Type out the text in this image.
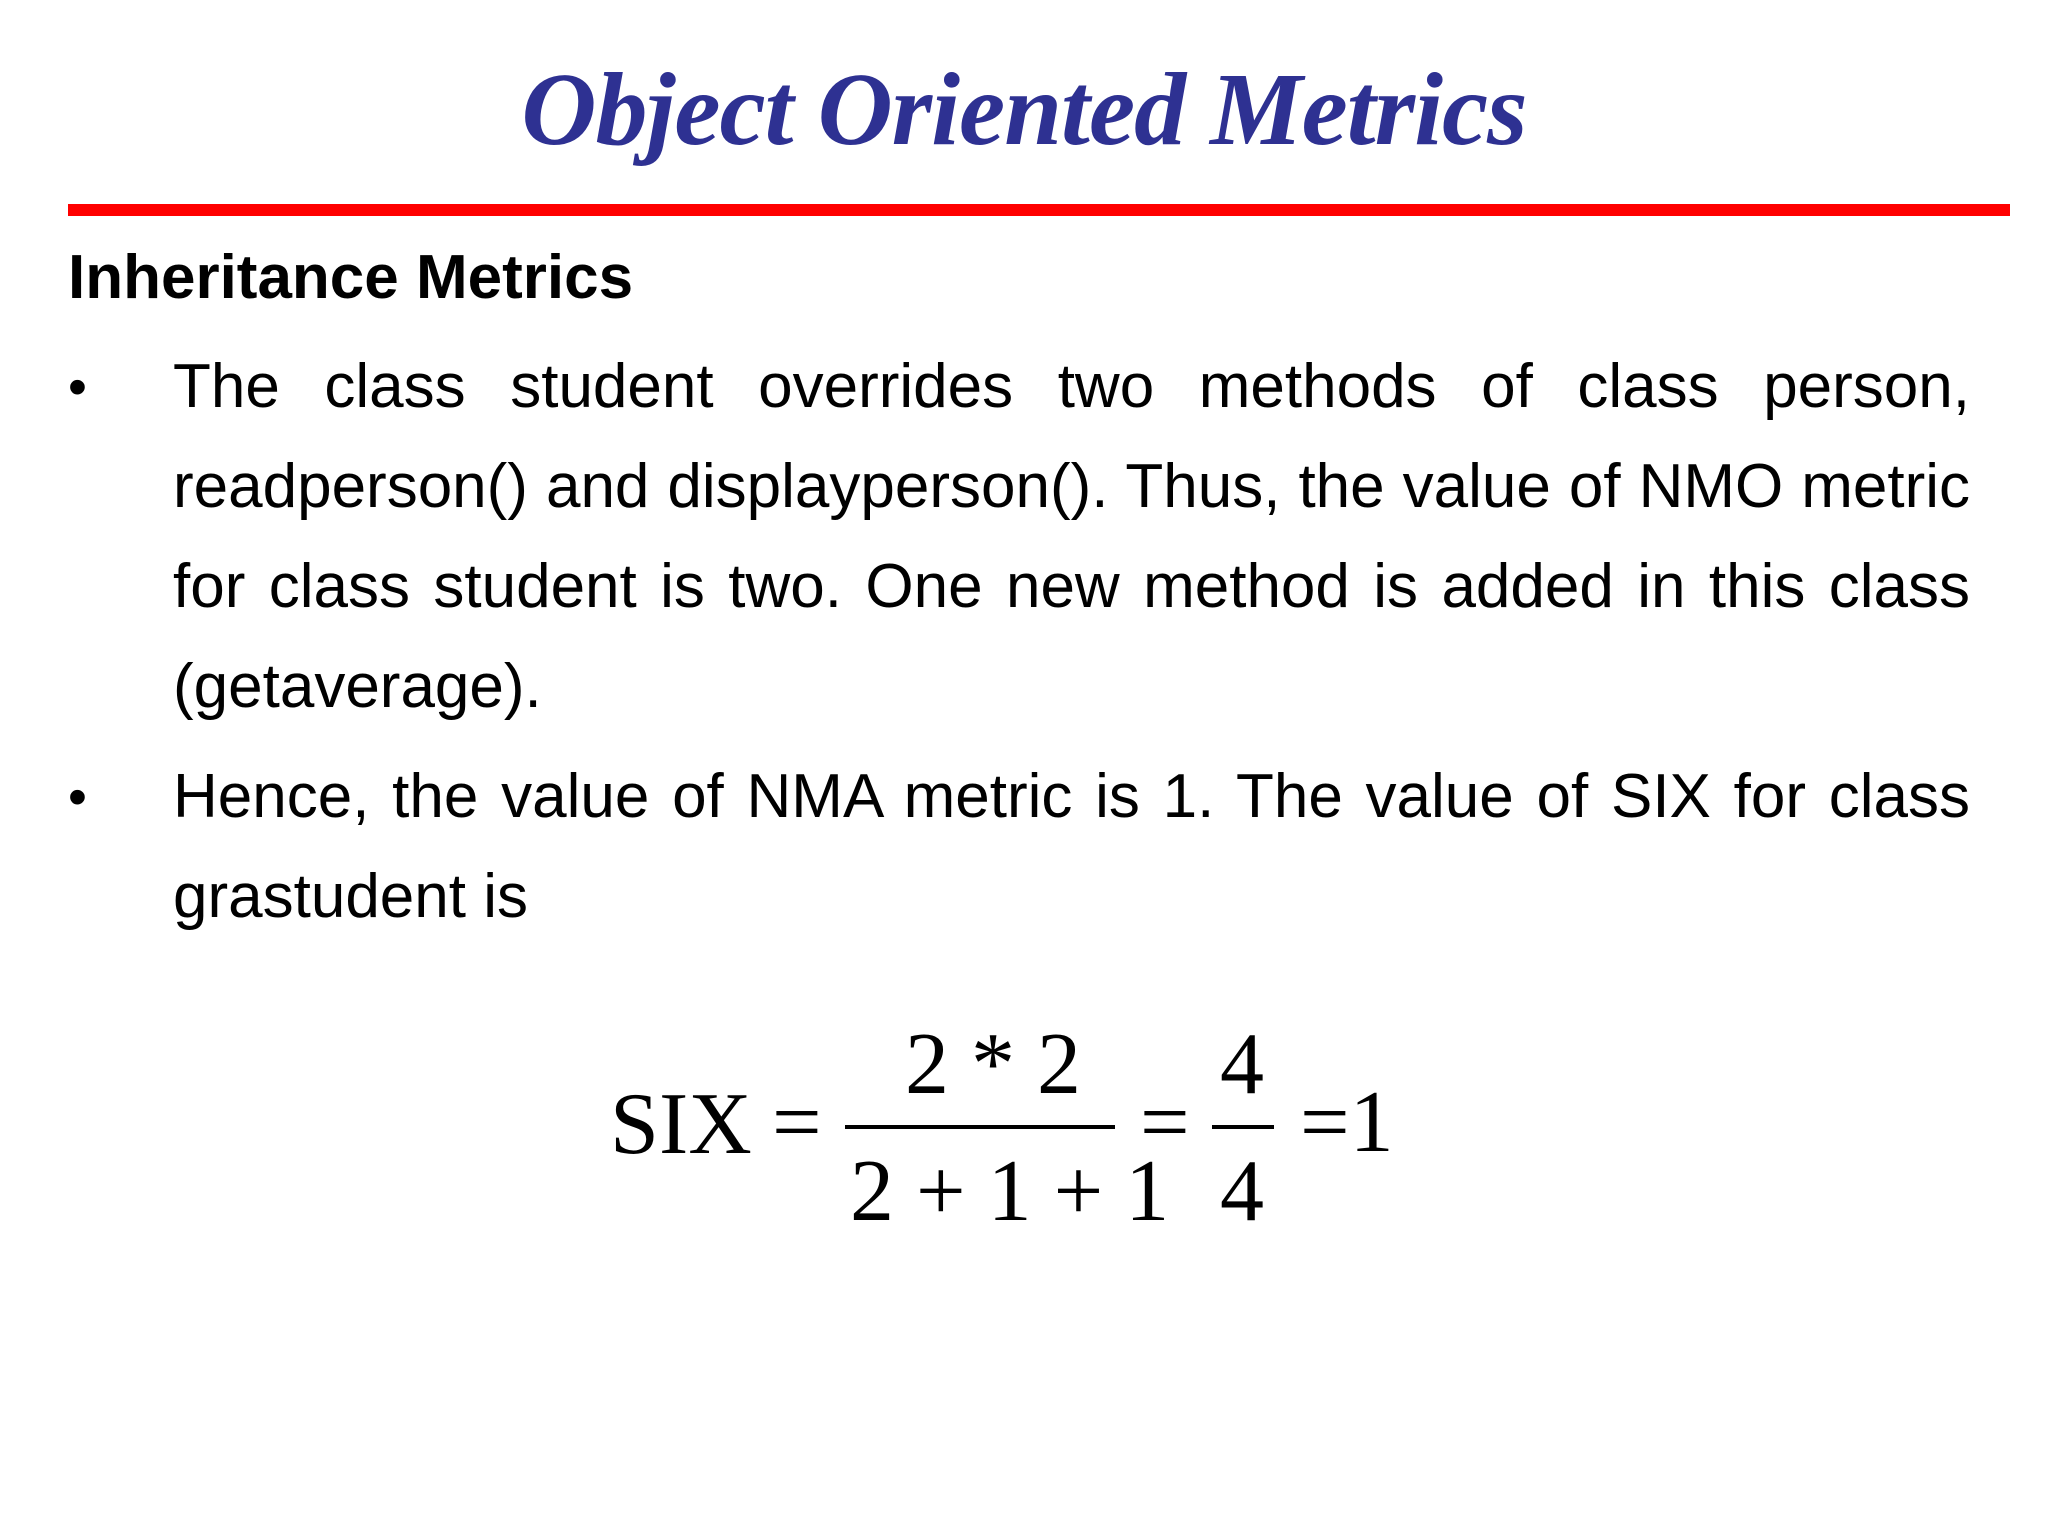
Object Oriented Metrics
Inheritance Metrics
• The class student overrides two methods of class person, readperson() and displayperson(). Thus, the value of NMO metric for class student is two. One new method is added in this class (getaverage).
• Hence, the value of NMA metric is 1. The value of SIX for class grastudent is
SIX =
2 * 2
2 + 1 + 1
=
4
4
=1
